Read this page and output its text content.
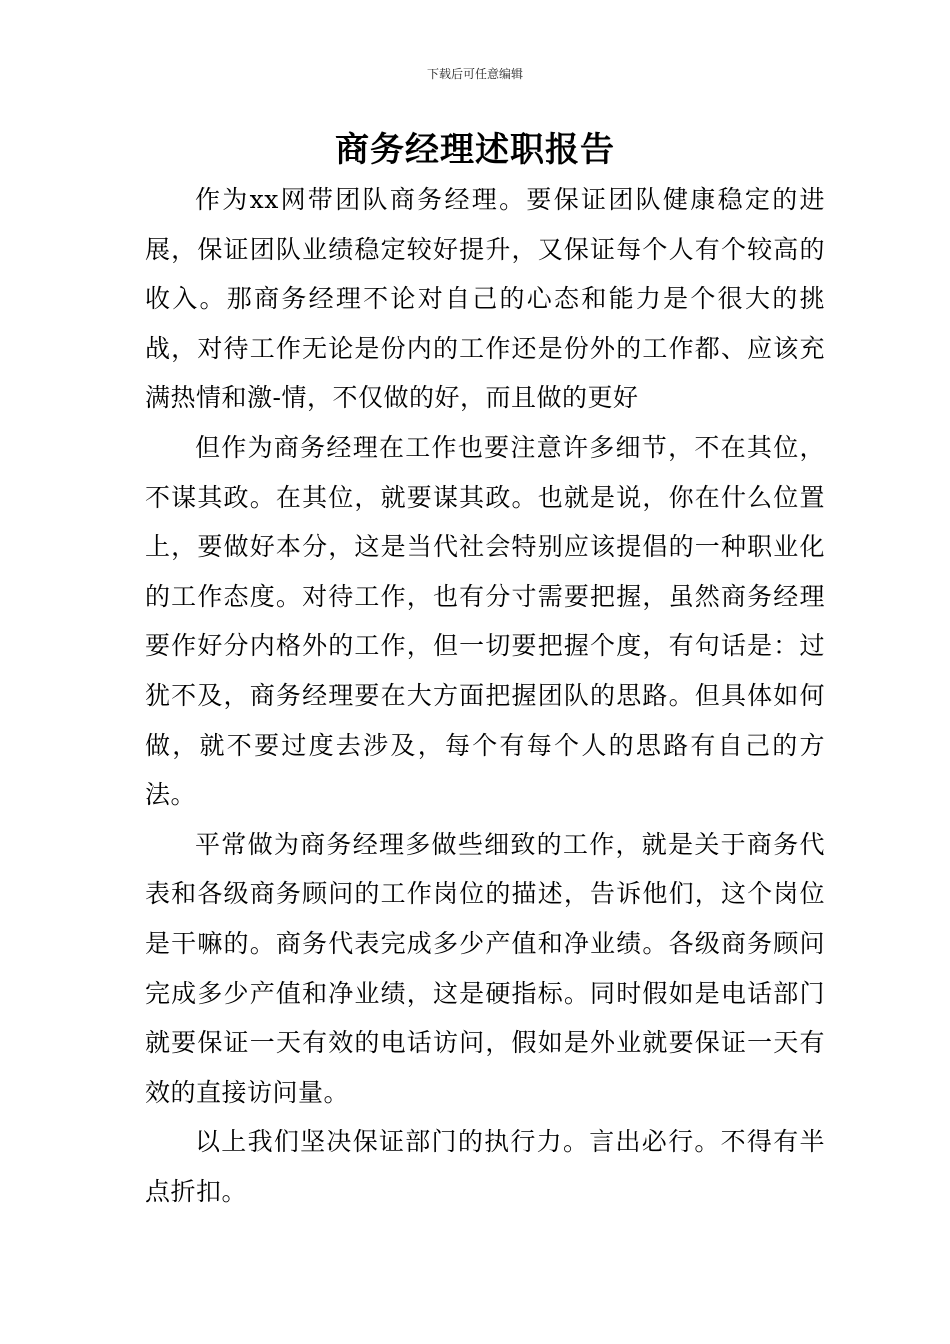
下载后可任意编辑
商务经理述职报告

作为xx网带团队商务经理。要保证团队健康稳定的进展，保证团队业绩稳定较好提升，又保证每个人有个较高的收入。那商务经理不论对自己的心态和能力是个很大的挑战，对待工作无论是份内的工作还是份外的工作都、应该充满热情和激-情，不仅做的好，而且做的更好

但作为商务经理在工作也要注意许多细节，不在其位，不谋其政。在其位，就要谋其政。也就是说，你在什么位置上，要做好本分，这是当代社会特别应该提倡的一种职业化的工作态度。对待工作，也有分寸需要把握，虽然商务经理要作好分内格外的工作，但一切要把握个度，有句话是：过犹不及，商务经理要在大方面把握团队的思路。但具体如何做，就不要过度去涉及，每个有每个人的思路有自己的方法。

平常做为商务经理多做些细致的工作，就是关于商务代表和各级商务顾问的工作岗位的描述，告诉他们，这个岗位是干嘛的。商务代表完成多少产值和净业绩。各级商务顾问完成多少产值和净业绩，这是硬指标。同时假如是电话部门就要保证一天有效的电话访问，假如是外业就要保证一天有效的直接访问量。

以上我们坚决保证部门的执行力。言出必行。不得有半点折扣。
